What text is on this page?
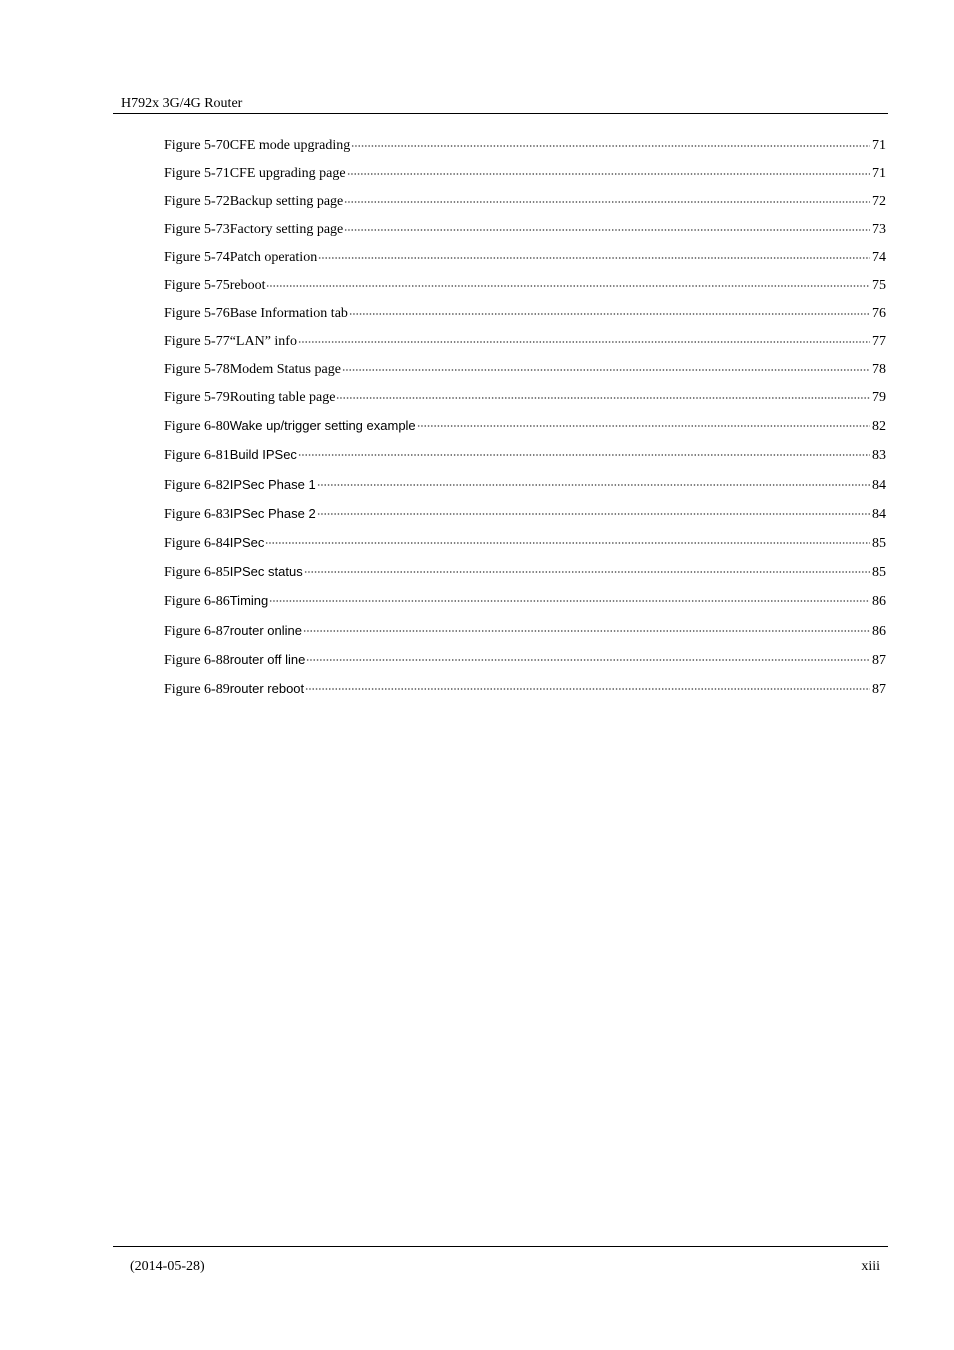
H792x 3G/4G Router
Figure 5-70 CFE mode upgrading	71
Figure 5-71 CFE upgrading page	71
Figure 5-72 Backup setting page	72
Figure 5-73 Factory setting page	73
Figure 5-74 Patch operation	74
Figure 5-75 reboot	75
Figure 5-76 Base Information tab	76
Figure 5-77 “LAN” info	77
Figure 5-78 Modem Status page	78
Figure 5-79 Routing table page	79
Figure 6-80 Wake up/trigger setting example	82
Figure 6-81 Build IPSec	83
Figure 6-82 IPSec Phase 1	84
Figure 6-83 IPSec Phase 2	84
Figure 6-84 IPSec	85
Figure 6-85 IPSec status	85
Figure 6-86 Timing	86
Figure 6-87 router online	86
Figure 6-88 router off line	87
Figure 6-89 router reboot	87
(2014-05-28)	xiii
